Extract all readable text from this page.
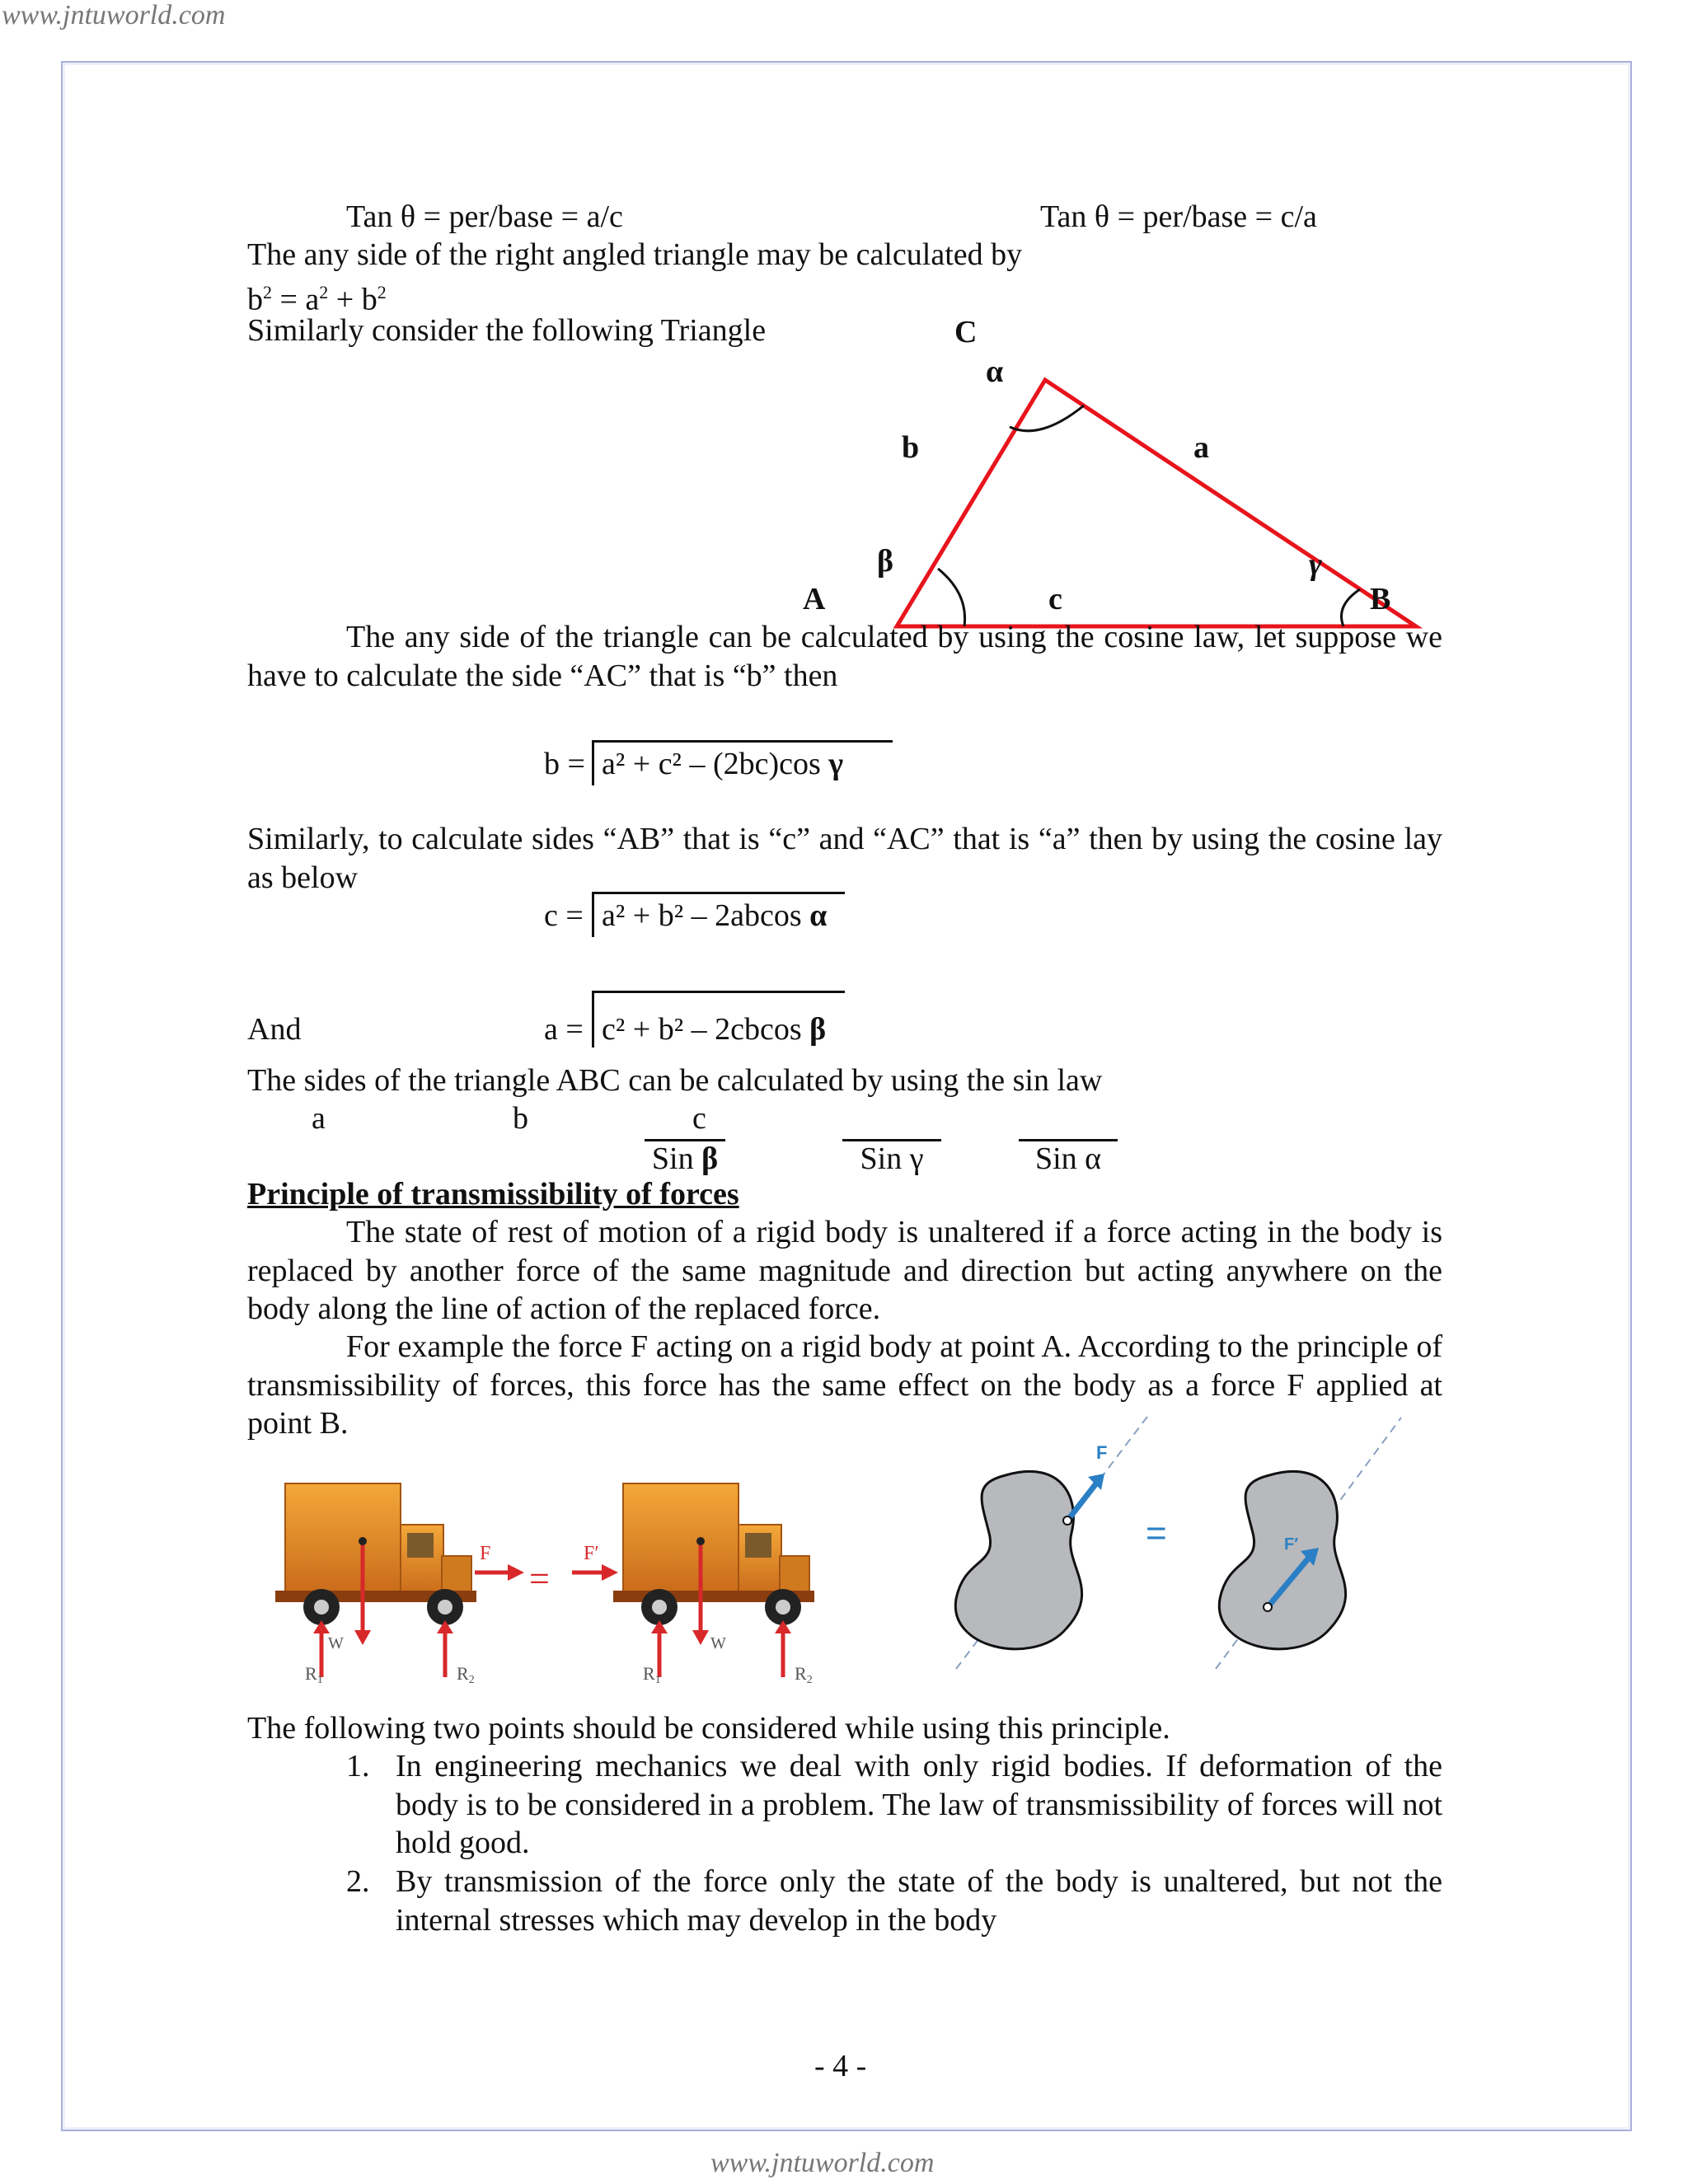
www.jntuworld.com
Tan θ = per/base = a/c	Tan θ = per/base = c/a
The any side of the right angled triangle may be calculated by
$b^2 = a^2 + b^2$
Similarly consider the following Triangle	C
α
b	a
β	γ
A	c	B
The any side of the triangle can be calculated by using the cosine law, let suppose we have to calculate the side “AC” that is “b” then
b = a² + c² – (2bc)cos γ
Similarly, to calculate sides “AB” that is “c” and “AC” that is “a” then by using the cosine lay as below
c = a² + b² – 2abcos α
And	a = c² + b² – 2cbcos β
The sides of the triangle ABC can be calculated by using the sin law
a	b	c
Sin β	Sin γ	Sin α
Principle of transmissibility of forces
The state of rest of motion of a rigid body is unaltered if a force acting in the body is replaced by another force of the same magnitude and direction but acting anywhere on the body along the line of action of the replaced force.
For example the force F acting on a rigid body at point A. According to the principle of transmissibility of forces, this force has the same effect on the body as a force F applied at point B.
F
W
R1	R2
=
F′
W
R1	R2
F
=	F′
The following two points should be considered while using this principle.
1. In engineering mechanics we deal with only rigid bodies. If deformation of the body is to be considered in a problem. The law of transmissibility of forces will not hold good.
2. By transmission of the force only the state of the body is unaltered, but not the internal stresses which may develop in the body
- 4 -
www.jntuworld.com
